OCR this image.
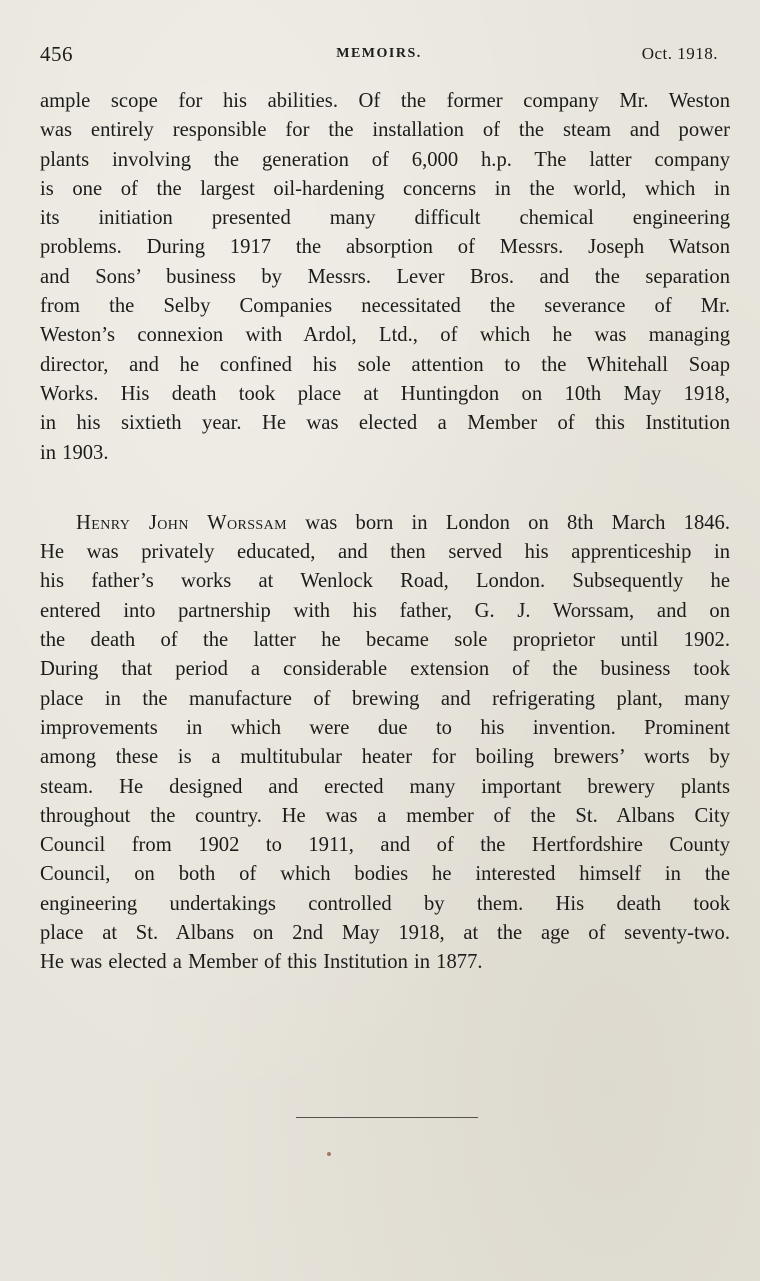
456	MEMOIRS.	Oct. 1918.

ample scope for his abilities. Of the former company Mr. Weston
was entirely responsible for the installation of the steam and power
plants involving the generation of 6,000 h.p. The latter company
is one of the largest oil-hardening concerns in the world, which in
its initiation presented many difficult chemical engineering
problems. During 1917 the absorption of Messrs. Joseph Watson
and Sons’ business by Messrs. Lever Bros. and the separation
from the Selby Companies necessitated the severance of Mr.
Weston’s connexion with Ardol, Ltd., of which he was managing
director, and he confined his sole attention to the Whitehall Soap
Works. His death took place at Huntingdon on 10th May 1918,
in his sixtieth year. He was elected a Member of this Institution
in 1903.

Henry John Worssam was born in London on 8th March 1846.
He was privately educated, and then served his apprenticeship in
his father’s works at Wenlock Road, London. Subsequently he
entered into partnership with his father, G. J. Worssam, and on
the death of the latter he became sole proprietor until 1902.
During that period a considerable extension of the business took
place in the manufacture of brewing and refrigerating plant, many
improvements in which were due to his invention. Prominent
among these is a multitubular heater for boiling brewers’ worts by
steam. He designed and erected many important brewery plants
throughout the country. He was a member of the St. Albans City
Council from 1902 to 1911, and of the Hertfordshire County
Council, on both of which bodies he interested himself in the
engineering undertakings controlled by them. His death took
place at St. Albans on 2nd May 1918, at the age of seventy-two.
He was elected a Member of this Institution in 1877.
